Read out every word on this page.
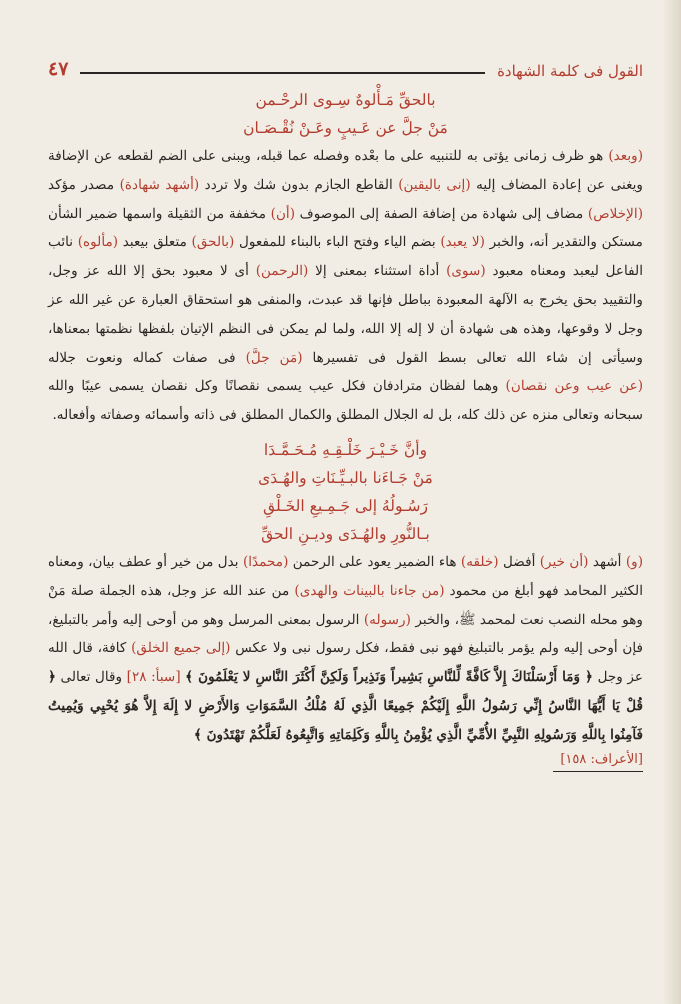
القول فى كلمة الشهادة
٤٧

بالحقِّ مَـأْلوهٌ سِـوى الرحْـمن

مَنْ جلَّ عن عَـيبٍ وعَـنْ نُقْـصَـان

(وبعد) هو ظرف زمانى يؤتى به للتنبيه على ما بعْده وفصله عما قبله، ويبنى على الضم لقطعه عن الإضافة ويغنى عن إعادة المضاف إليه (إنى باليقين) القاطع الجازم بدون شك ولا تردد (أشهد شهادة) مصدر مؤكد (الإخلاص) مضاف إلى شهادة من إضافة الصفة إلى الموصوف (أن) مخففة من الثقيلة واسمها ضمير الشأن مستكن والتقدير أنه، والخبر (لا يعبد) بضم الياء وفتح الباء بالبناء للمفعول (بالحق) متعلق بيعبد (مألوه) نائب الفاعل ليعبد ومعناه معبود (سوى) أداة استثناء بمعنى إلا (الرحمن) أى لا معبود بحق إلا الله عز وجل، والتقييد بحق يخرج به الآلهة المعبودة بباطل فإنها قد عبدت، والمنفى هو استحقاق العبارة عن غير الله عز وجل لا وقوعها، وهذه هى شهادة أن لا إله إلا الله، ولما لم يمكن فى النظم الإتيان بلفظها نظمتها بمعناها، وسيأتى إن شاء الله تعالى بسط القول فى تفسيرها (مَن جلَّ) فى صفات كماله ونعوت جلاله (عن عيب وعن نقصان) وهما لفظان مترادفان فكل عيب يسمى نقصانًا وكل نقصان يسمى عيبًا والله سبحانه وتعالى منزه عن ذلك كله، بل له الجلال المطلق والكمال المطلق فى ذاته وأسمائه وصفاته وأفعاله.

وأنَّ خَـيْـرَ خَلْـقِـهِ مُـحَـمَّـدَا

مَنْ جَـاءَنا بالبـيِّـنَاتِ والهُـدَى

رَسُـولُهُ إلى جَـمِـيعِ الخَـلْقِ

بـالنُّورِ والهُـدَى وديـنِ الحقِّ

(و) أشهد (أن خير) أفضل (خلقه) هاء الضمير يعود على الرحمن (محمدًا) بدل من خير أو عطف بيان، ومعناه الكثير المحامد فهو أبلغ من محمود (من جاءنا بالبينات والهدى) من عند الله عز وجل، هذه الجملة صلة مَنْ وهو محله النصب نعت لمحمد ﷺ، والخبر (رسوله) الرسول بمعنى المرسل وهو من أوحى إليه وأمر بالتبليغ، فإن أوحى إليه ولم يؤمر بالتبليغ فهو نبى فقط، فكل رسول نبى ولا عكس (إلى جميع الخلق) كافة، قال الله عز وجل ﴿ وَمَا أَرْسَلْنَاكَ إِلاَّ كَافَّةً لِّلنَّاسِ بَشِيراً وَنَذِيراً وَلَكِنَّ أَكْثَرَ النَّاسِ لا يَعْلَمُونَ ﴾ [سبأ: ٢٨] وقال تعالى ﴿ قُلْ يَا أَيُّهَا النَّاسُ إِنِّي رَسُولُ اللَّهِ إِلَيْكُمْ جَمِيعًا الَّذِي لَهُ مُلْكُ السَّمَوَاتِ وَالأَرْضِ لا إِلَهَ إِلاَّ هُوَ يُحْيِي وَيُمِيتُ فَآمِنُوا بِاللَّهِ وَرَسُولِهِ النَّبِيِّ الأُمِّيِّ الَّذِي يُؤْمِنُ بِاللَّهِ وَكَلِمَاتِهِ وَاتَّبِعُوهُ لَعَلَّكُمْ تَهْتَدُونَ ﴾

[الأعراف: ١٥٨]
